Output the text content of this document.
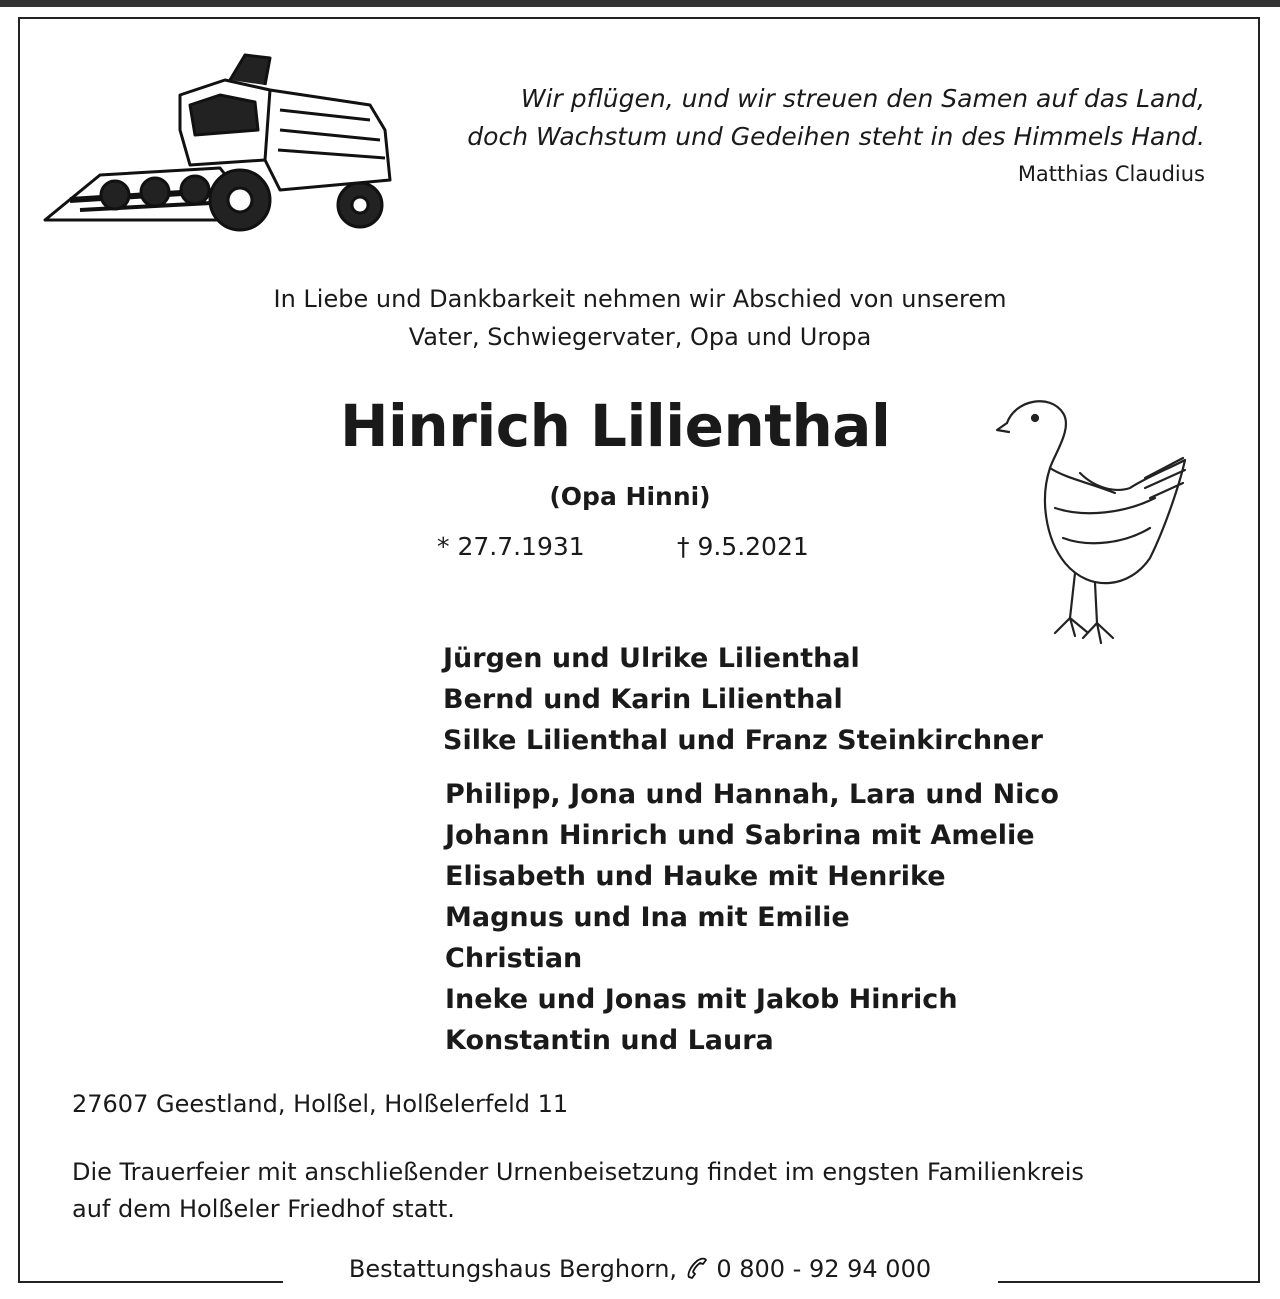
Wir pflügen, und wir streuen den Samen auf das Land,
doch Wachstum und Gedeihen steht in des Himmels Hand.
Matthias Claudius
In Liebe und Dankbarkeit nehmen wir Abschied von unserem
Vater, Schwiegervater, Opa und Uropa
Hinrich Lilienthal
(Opa Hinni)
* 27.7.1931	† 9.5.2021
Jürgen und Ulrike Lilienthal
Bernd und Karin Lilienthal
Silke Lilienthal und Franz Steinkirchner
Philipp, Jona und Hannah, Lara und Nico
Johann Hinrich und Sabrina mit Amelie
Elisabeth und Hauke mit Henrike
Magnus und Ina mit Emilie
Christian
Ineke und Jonas mit Jakob Hinrich
Konstantin und Laura
27607 Geestland, Holßel, Holßelerfeld 11
Die Trauerfeier mit anschließender Urnenbeisetzung findet im engsten Familienkreis
auf dem Holßeler Friedhof statt.
Bestattungshaus Berghorn, 0 800 - 92 94 000
